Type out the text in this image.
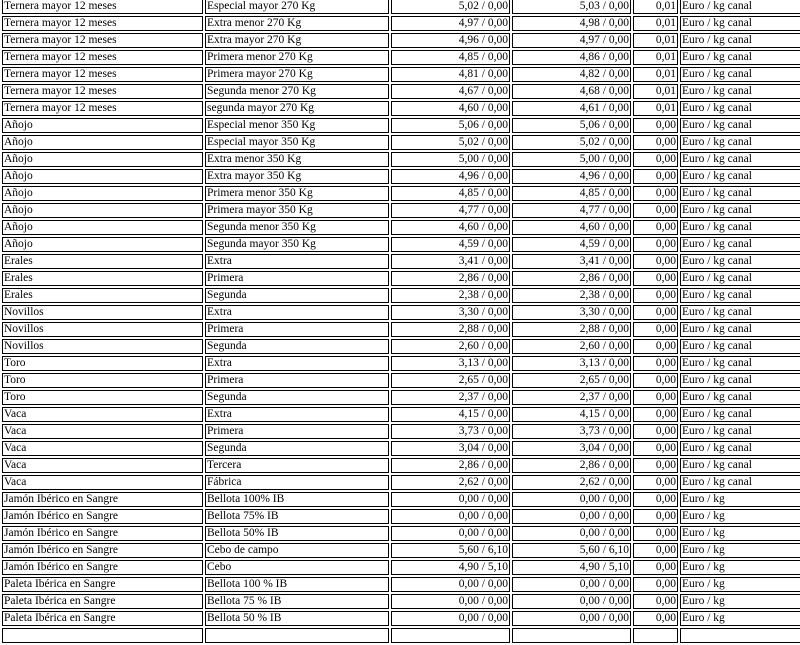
Ternera mayor 12 meses	Especial mayor 270 Kg	5,02 / 0,00	5,03 / 0,00	0,01	Euro / kg canal
Ternera mayor 12 meses	Extra menor 270 Kg	4,97 / 0,00	4,98 / 0,00	0,01	Euro / kg canal
Ternera mayor 12 meses	Extra mayor 270 Kg	4,96 / 0,00	4,97 / 0,00	0,01	Euro / kg canal
Ternera mayor 12 meses	Primera menor 270 Kg	4,85 / 0,00	4,86 / 0,00	0,01	Euro / kg canal
Ternera mayor 12 meses	Primera mayor 270 Kg	4,81 / 0,00	4,82 / 0,00	0,01	Euro / kg canal
Ternera mayor 12 meses	Segunda menor 270 Kg	4,67 / 0,00	4,68 / 0,00	0,01	Euro / kg canal
Ternera mayor 12 meses	segunda mayor 270 Kg	4,60 / 0,00	4,61 / 0,00	0,01	Euro / kg canal
Añojo	Especial menor 350 Kg	5,06 / 0,00	5,06 / 0,00	0,00	Euro / kg canal
Añojo	Especial mayor 350 Kg	5,02 / 0,00	5,02 / 0,00	0,00	Euro / kg canal
Añojo	Extra menor 350 Kg	5,00 / 0,00	5,00 / 0,00	0,00	Euro / kg canal
Añojo	Extra mayor 350 Kg	4,96 / 0,00	4,96 / 0,00	0,00	Euro / kg canal
Añojo	Primera menor 350 Kg	4,85 / 0,00	4,85 / 0,00	0,00	Euro / kg canal
Añojo	Primera mayor 350 Kg	4,77 / 0,00	4,77 / 0,00	0,00	Euro / kg canal
Añojo	Segunda menor 350 Kg	4,60 / 0,00	4,60 / 0,00	0,00	Euro / kg canal
Añojo	Segunda mayor 350 Kg	4,59 / 0,00	4,59 / 0,00	0,00	Euro / kg canal
Erales	Extra	3,41 / 0,00	3,41 / 0,00	0,00	Euro / kg canal
Erales	Primera	2,86 / 0,00	2,86 / 0,00	0,00	Euro / kg canal
Erales	Segunda	2,38 / 0,00	2,38 / 0,00	0,00	Euro / kg canal
Novillos	Extra	3,30 / 0,00	3,30 / 0,00	0,00	Euro / kg canal
Novillos	Primera	2,88 / 0,00	2,88 / 0,00	0,00	Euro / kg canal
Novillos	Segunda	2,60 / 0,00	2,60 / 0,00	0,00	Euro / kg canal
Toro	Extra	3,13 / 0,00	3,13 / 0,00	0,00	Euro / kg canal
Toro	Primera	2,65 / 0,00	2,65 / 0,00	0,00	Euro / kg canal
Toro	Segunda	2,37 / 0,00	2,37 / 0,00	0,00	Euro / kg canal
Vaca	Extra	4,15 / 0,00	4,15 / 0,00	0,00	Euro / kg canal
Vaca	Primera	3,73 / 0,00	3,73 / 0,00	0,00	Euro / kg canal
Vaca	Segunda	3,04 / 0,00	3,04 / 0,00	0,00	Euro / kg canal
Vaca	Tercera	2,86 / 0,00	2,86 / 0,00	0,00	Euro / kg canal
Vaca	Fábrica	2,62 / 0,00	2,62 / 0,00	0,00	Euro / kg canal
Jamón Ibérico en Sangre	Bellota 100% IB	0,00 / 0,00	0,00 / 0,00	0,00	Euro / kg
Jamón Ibérico en Sangre	Bellota 75% IB	0,00 / 0,00	0,00 / 0,00	0,00	Euro / kg
Jamón Ibérico en Sangre	Bellota 50% IB	0,00 / 0,00	0,00 / 0,00	0,00	Euro / kg
Jamón Ibérico en Sangre	Cebo de campo	5,60 / 6,10	5,60 / 6,10	0,00	Euro / kg
Jamón Ibérico en Sangre	Cebo	4,90 / 5,10	4,90 / 5,10	0,00	Euro / kg
Paleta Ibérica en Sangre	Bellota 100 % IB	0,00 / 0,00	0,00 / 0,00	0,00	Euro / kg
Paleta Ibérica en Sangre	Bellota 75 % IB	0,00 / 0,00	0,00 / 0,00	0,00	Euro / kg
Paleta Ibérica en Sangre	Bellota 50 % IB	0,00 / 0,00	0,00 / 0,00	0,00	Euro / kg
